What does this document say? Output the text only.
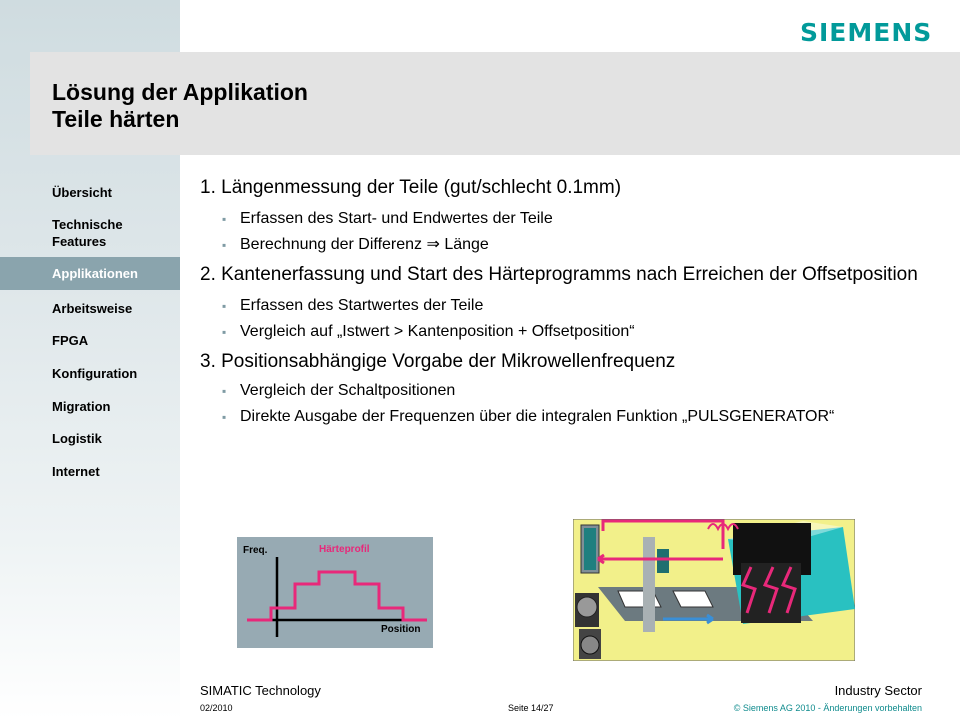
SIEMENS
Lösung der Applikation
Teile härten
Übersicht
Technische Features
Applikationen
Arbeitsweise
FPGA
Konfiguration
Migration
Logistik
Internet

1. Längenmessung der Teile (gut/schlecht 0.1mm)

▪ Erfassen des Start- und Endwertes der Teile
▪ Berechnung der Differenz ⇒ Länge

2. Kantenerfassung und Start des Härteprogramms nach Erreichen der Offsetposition

▪ Erfassen des Startwertes der Teile
▪ Vergleich auf „Istwert > Kantenposition + Offsetposition“

3. Positionsabhängige Vorgabe der Mikrowellenfrequenz

▪ Vergleich der Schaltpositionen
▪ Direkte Ausgabe der Frequenzen über die integralen Funktion „PULSGENERATOR“
Freq.	Härteprofil
Position
SIMATIC Technology	Industry Sector
02/2010	Seite 14/27	© Siemens AG 2010 - Änderungen vorbehalten
